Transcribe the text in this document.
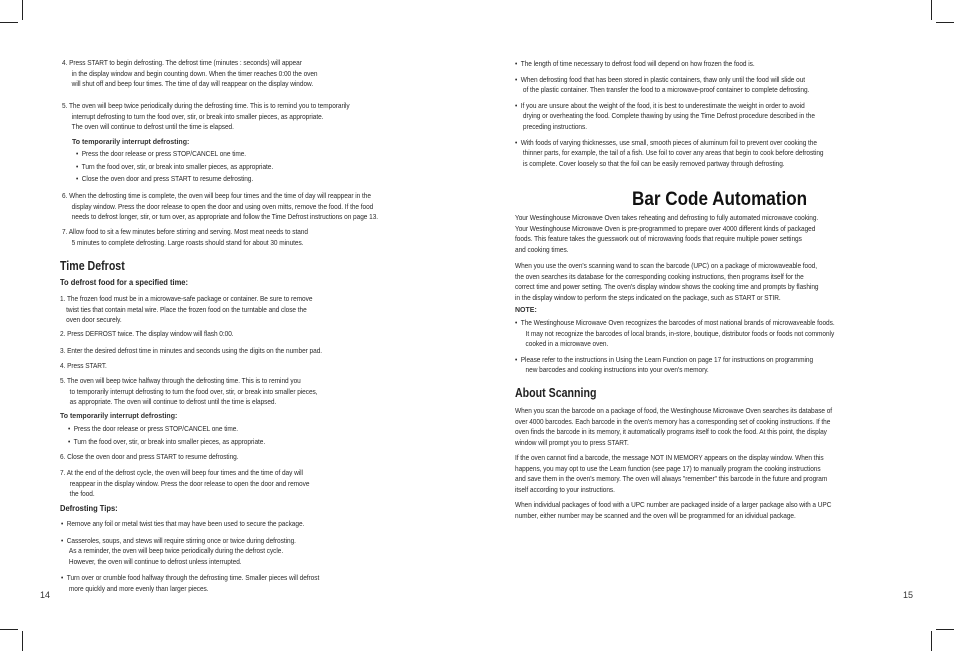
4. Press START to begin defrosting. The defrost time (minutes : seconds) will appear
in the display window and begin counting down. When the timer reaches 0:00 the oven
will shut off and beep four times. The time of day will reappear on the display window.
5. The oven will beep twice periodically during the defrosting time. This is to remind you to temporarily
interrupt defrosting to turn the food over, stir, or break into smaller pieces, as appropriate.
The oven will continue to defrost until the time is elapsed.
To temporarily interrupt defrosting:
•  Press the door release or press STOP/CANCEL one time.
•  Turn the food over, stir, or break into smaller pieces, as appropriate.
•  Close the oven door and press START to resume defrosting.
6. When the defrosting time is complete, the oven will beep four times and the time of day will reappear in the
display window. Press the door release to open the door and using oven mitts, remove the food. If the food
needs to defrost longer, stir, or turn over, as appropriate and follow the Time Defrost instructions on page 13.
7. Allow food to sit a few minutes before stirring and serving. Most meat needs to stand
5 minutes to complete defrosting. Large roasts should stand for about 30 minutes.
Time Defrost
To defrost food for a specified time:
1. The frozen food must be in a microwave-safe package or container. Be sure to remove
twist ties that contain metal wire. Place the frozen food on the turntable and close the
oven door securely.
2. Press DEFROST twice. The display window will flash 0:00.
3. Enter the desired defrost time in minutes and seconds using the digits on the number pad.
4. Press START.
5. The oven will beep twice halfway through the defrosting time. This is to remind you
to temporarily interrupt defrosting to turn the food over, stir, or break into smaller pieces,
as appropriate. The oven will continue to defrost until the time is elapsed.
To temporarily interrupt defrosting:
•  Press the door release or press STOP/CANCEL one time.
•  Turn the food over, stir, or break into smaller pieces, as appropriate.
6. Close the oven door and press START to resume defrosting.
7. At the end of the defrost cycle, the oven will beep four times and the time of day will
reappear in the display window. Press the door release to open the door and remove
the food.
Defrosting Tips:
•  Remove any foil or metal twist ties that may have been used to secure the package.
•  Casseroles, soups, and stews will require stirring once or twice during defrosting.
As a reminder, the oven will beep twice periodically during the defrost cycle.
However, the oven will continue to defrost unless interrupted.
•  Turn over or crumble food halfway through the defrosting time. Smaller pieces will defrost
more quickly and more evenly than larger pieces.
14
•  The length of time necessary to defrost food will depend on how frozen the food is.
•  When defrosting food that has been stored in plastic containers, thaw only until the food will slide out
of the plastic container. Then transfer the food to a microwave-proof container to complete defrosting.
•  If you are unsure about the weight of the food, it is best to underestimate the weight in order to avoid
drying or overheating the food. Complete thawing by using the Time Defrost procedure described in the
preceding instructions.
•  With foods of varying thicknesses, use small, smooth pieces of aluminum foil to prevent over cooking the
thinner parts, for example, the tail of a fish. Use foil to cover any areas that begin to cook before defrosting
is complete. Cover loosely so that the foil can be easily removed partway through defrosting.
Bar Code Automation
Your Westinghouse Microwave Oven takes reheating and defrosting to fully automated microwave cooking.
Your Westinghouse Microwave Oven is pre-programmed to prepare over 4000 different kinds of packaged
foods. This feature takes the guesswork out of microwaving foods that require multiple power settings
and cooking times.
When you use the oven's scanning wand to scan the barcode (UPC) on a package of microwaveable food,
the oven searches its database for the corresponding cooking instructions, then programs itself for the
correct time and power setting. The oven's display window shows the cooking time and prompts by flashing
in the display window to perform the steps indicated on the package, such as START or STIR.
NOTE:
•  The Westinghouse Microwave Oven recognizes the barcodes of most national brands of microwaveable foods.
It may not recognize the barcodes of local brands, in-store, boutique, distributor foods or foods not commonly
cooked in a microwave oven.
•  Please refer to the instructions in Using the Learn Function on page 17 for instructions on programming
new barcodes and cooking instructions into your oven's memory.
About Scanning
When you scan the barcode on a package of food, the Westinghouse Microwave Oven searches its database of
over 4000 barcodes. Each barcode in the oven's memory has a corresponding set of cooking instructions. If the
oven finds the barcode in its memory, it automatically programs itself to cook the food. At this point, the display
window will prompt you to press START.
If the oven cannot find a barcode, the message NOT IN MEMORY appears on the display window. When this
happens, you may opt to use the Learn function (see page 17) to manually program the cooking instructions
and save them in the oven's memory. The oven will always "remember" this barcode in the future and program
itself according to your instructions.
When individual packages of food with a UPC number are packaged inside of a larger package also with a UPC
number, either number may be scanned and the oven will be programmed for an idividual package.
15
